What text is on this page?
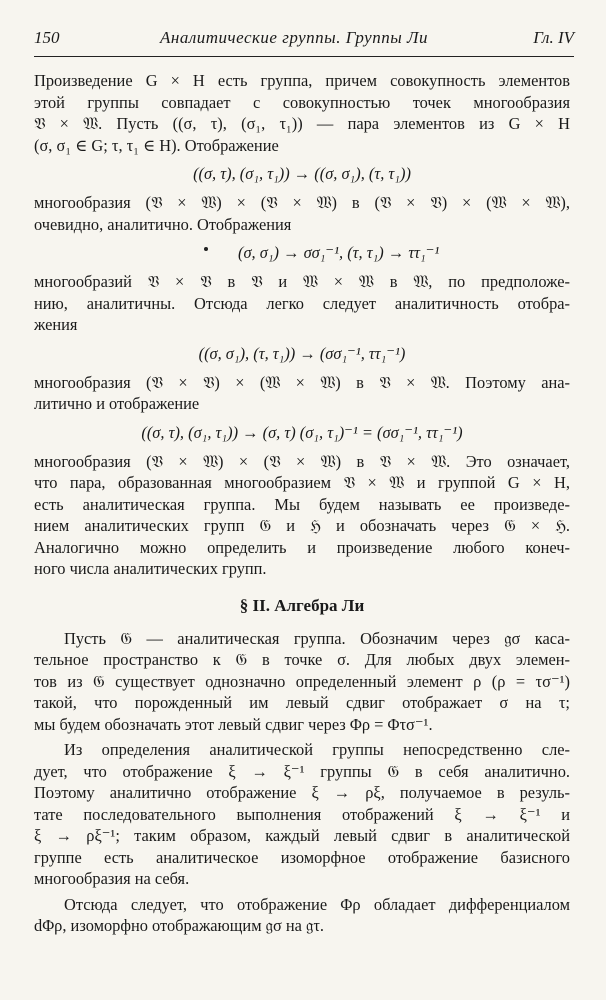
150	Аналитические группы. Группы Ли	Гл. IV
Произведение G × H есть группа, причем совокупность элементов
этой группы совпадает с совокупностью точек многообразия
𝔙 × 𝔚. Пусть ((σ, τ), (σ₁, τ₁)) — пара элементов из G × H
(σ, σ₁ ∈ G; τ, τ₁ ∈ H). Отображение
((σ, τ), (σ₁, τ₁)) → ((σ, σ₁), (τ, τ₁))
многообразия (𝔙 × 𝔚) × (𝔙 × 𝔚) в (𝔙 × 𝔙) × (𝔚 × 𝔚),
очевидно, аналитично. Отображения
(σ, σ₁) → σσ₁⁻¹, (τ, τ₁) → ττ₁⁻¹
многообразий 𝔙 × 𝔙 в 𝔙 и 𝔚 × 𝔚 в 𝔚, по предположе-
нию, аналитичны. Отсюда легко следует аналитичность отобра-
жения
((σ, σ₁), (τ, τ₁)) → (σσ₁⁻¹, ττ₁⁻¹)
многообразия (𝔙 × 𝔙) × (𝔚 × 𝔚) в 𝔙 × 𝔚. Поэтому ана-
литично и отображение
((σ, τ), (σ₁, τ₁)) → (σ, τ) (σ₁, τ₁)⁻¹ = (σσ₁⁻¹, ττ₁⁻¹)
многообразия (𝔙 × 𝔚) × (𝔙 × 𝔚) в 𝔙 × 𝔚. Это означает,
что пара, образованная многообразием 𝔙 × 𝔚 и группой G × H,
есть аналитическая группа. Мы будем называть ее произведе-
нием аналитических групп 𝔊 и ℌ и обозначать через 𝔊 × ℌ.
Аналогично можно определить и произведение любого конеч-
ного числа аналитических групп.
§ II. Алгебра Ли
Пусть 𝔊 — аналитическая группа. Обозначим через 𝔤σ каса-
тельное пространство к 𝔊 в точке σ. Для любых двух элемен-
тов из 𝔊 существует однозначно определенный элемент ρ (ρ = τσ⁻¹)
такой, что порожденный им левый сдвиг отображает σ на τ;
мы будем обозначать этот левый сдвиг через Φρ = Φτσ⁻¹.
Из определения аналитической группы непосредственно сле-
дует, что отображение ξ → ξ⁻¹ группы 𝔊 в себя аналитично.
Поэтому аналитично отображение ξ → ρξ, получаемое в резуль-
тате последовательного выполнения отображений ξ → ξ⁻¹ и
ξ → ρξ⁻¹; таким образом, каждый левый сдвиг в аналитической
группе есть аналитическое изоморфное отображение базисного
многообразия на себя.
Отсюда следует, что отображение Φρ обладает дифференциалом
dΦρ, изоморфно отображающим 𝔤σ на 𝔤τ.
